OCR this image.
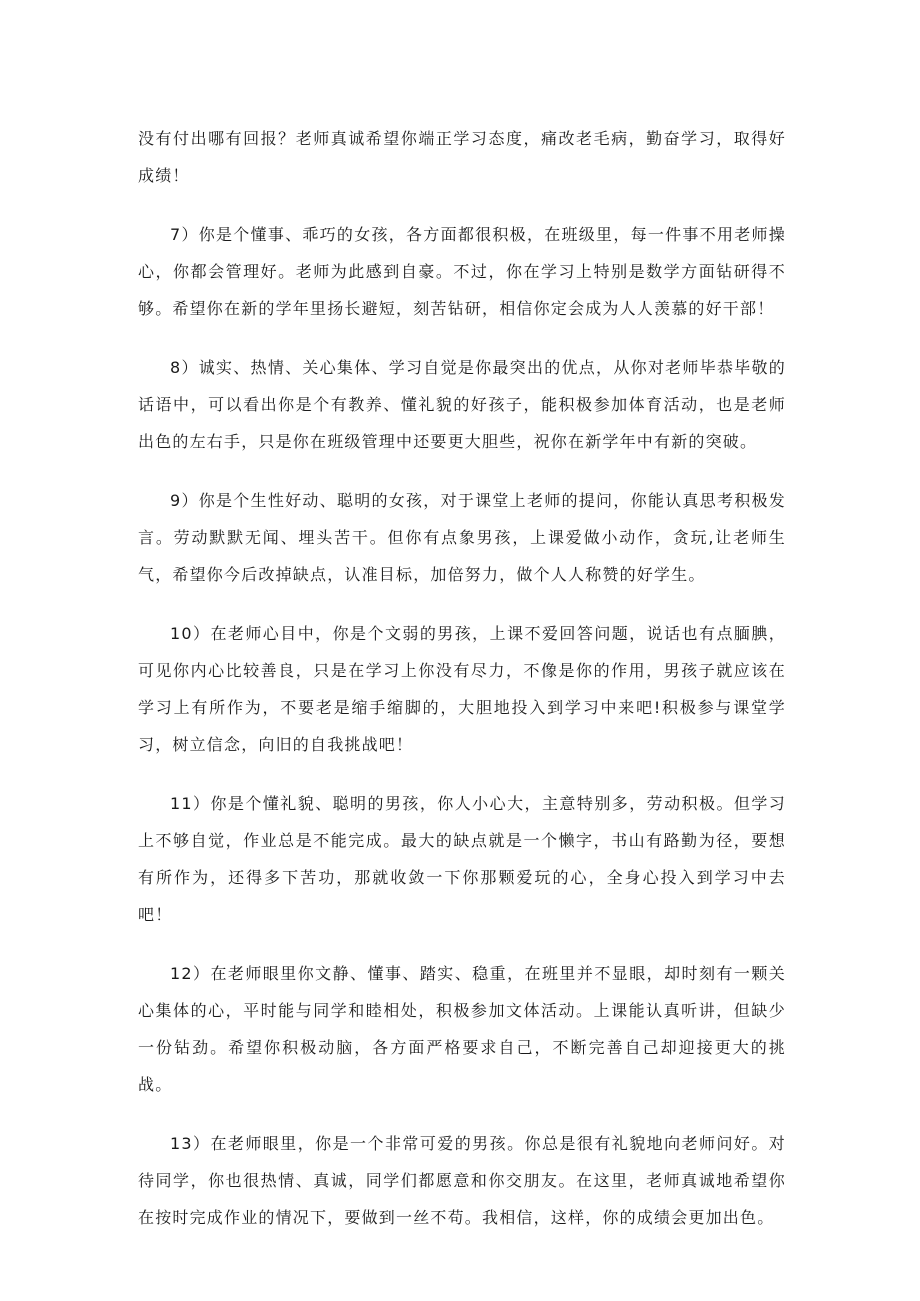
没有付出哪有回报？老师真诚希望你端正学习态度，痛改老毛病，勤奋学习，取得好成绩！

7）你是个懂事、乖巧的女孩，各方面都很积极，在班级里，每一件事不用老师操心，你都会管理好。老师为此感到自豪。不过，你在学习上特别是数学方面钻研得不够。希望你在新的学年里扬长避短，刻苦钻研，相信你定会成为人人羡慕的好干部！

8）诚实、热情、关心集体、学习自觉是你最突出的优点，从你对老师毕恭毕敬的话语中，可以看出你是个有教养、懂礼貌的好孩子，能积极参加体育活动，也是老师出色的左右手，只是你在班级管理中还要更大胆些，祝你在新学年中有新的突破。

9）你是个生性好动、聪明的女孩，对于课堂上老师的提问，你能认真思考积极发言。劳动默默无闻、埋头苦干。但你有点象男孩，上课爱做小动作，贪玩,让老师生气，希望你今后改掉缺点，认准目标，加倍努力，做个人人称赞的好学生。

10）在老师心目中，你是个文弱的男孩，上课不爱回答问题，说话也有点腼腆，可见你内心比较善良，只是在学习上你没有尽力，不像是你的作用，男孩子就应该在学习上有所作为，不要老是缩手缩脚的，大胆地投入到学习中来吧!积极参与课堂学习，树立信念，向旧的自我挑战吧！

11）你是个懂礼貌、聪明的男孩，你人小心大，主意特别多，劳动积极。但学习上不够自觉，作业总是不能完成。最大的缺点就是一个懒字，书山有路勤为径，要想有所作为，还得多下苦功，那就收敛一下你那颗爱玩的心，全身心投入到学习中去吧！

12）在老师眼里你文静、懂事、踏实、稳重，在班里并不显眼，却时刻有一颗关心集体的心，平时能与同学和睦相处，积极参加文体活动。上课能认真听讲，但缺少一份钻劲。希望你积极动脑，各方面严格要求自己，不断完善自己却迎接更大的挑战。

13）在老师眼里，你是一个非常可爱的男孩。你总是很有礼貌地向老师问好。对待同学，你也很热情、真诚，同学们都愿意和你交朋友。在这里，老师真诚地希望你在按时完成作业的情况下，要做到一丝不苟。我相信，这样，你的成绩会更加出色。
